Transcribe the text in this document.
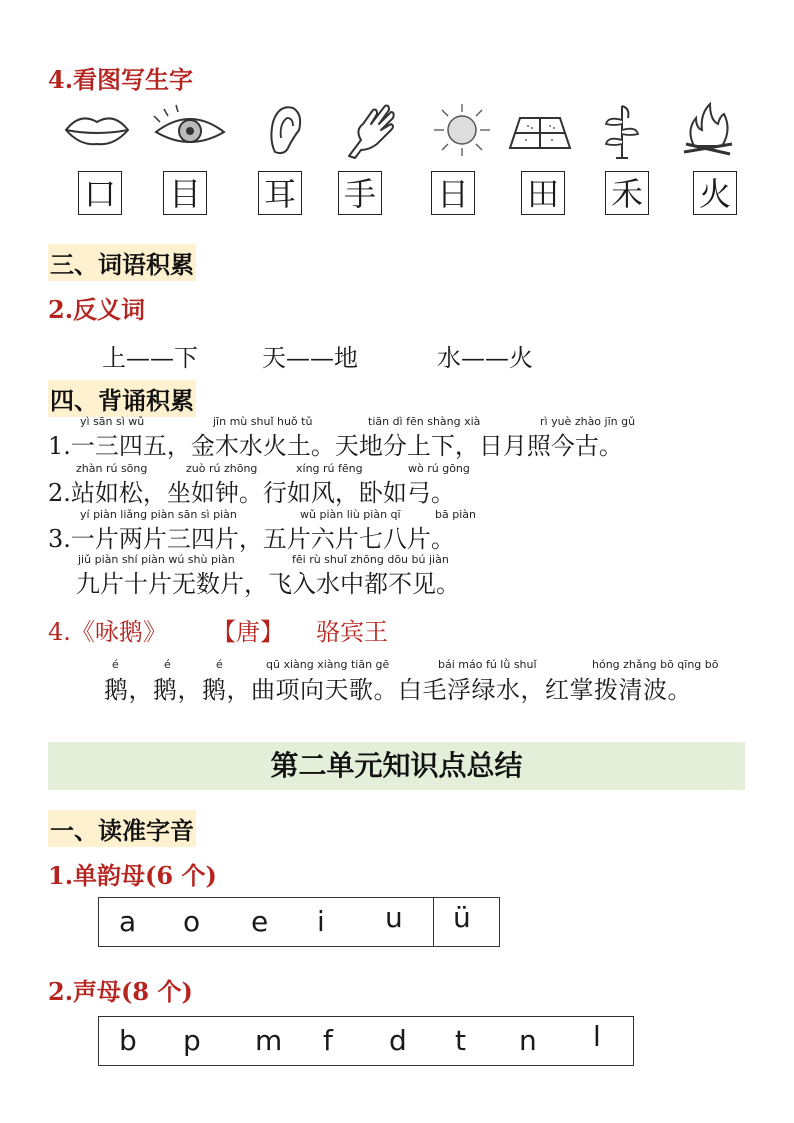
4.看图写生字
口 目 耳 手 日 田 禾 火
三、词语积累
2.反义词
上——下	天——地	水——火
四、背诵积累
yì sān sì wǔ	jīn mù shuǐ huǒ tǔ	tiān dì fēn shàng xià	rì yuè zhào jīn gǔ
1.一三四五，金木水火土。天地分上下，日月照今古。
zhàn rú sōng	zuò rú zhōng	xíng rú fēng	wò rú gōng
2.站如松，坐如钟。行如风，卧如弓。
yí piàn liǎng piàn sān sì piàn	wǔ piàn liù piàn qī	bā piàn
3.一片两片三四片，五片六片七八片。
jiǔ piàn shí piàn wú shù piàn	fēi rù shuǐ zhōng dōu bú jiàn
九片十片无数片，飞入水中都不见。
4.《咏鹅》 【唐】 骆宾王
é	é	é	qū xiàng xiàng tiān gē	bái máo fú lǜ shuǐ	hóng zhǎng bō qīng bō
鹅，鹅，鹅，曲项向天歌。白毛浮绿水，红掌拨清波。
第二单元知识点总结
一、读准字音
1.单韵母(6 个)
a o e i u ü
2.声母(8 个)
b p m f d t n l
